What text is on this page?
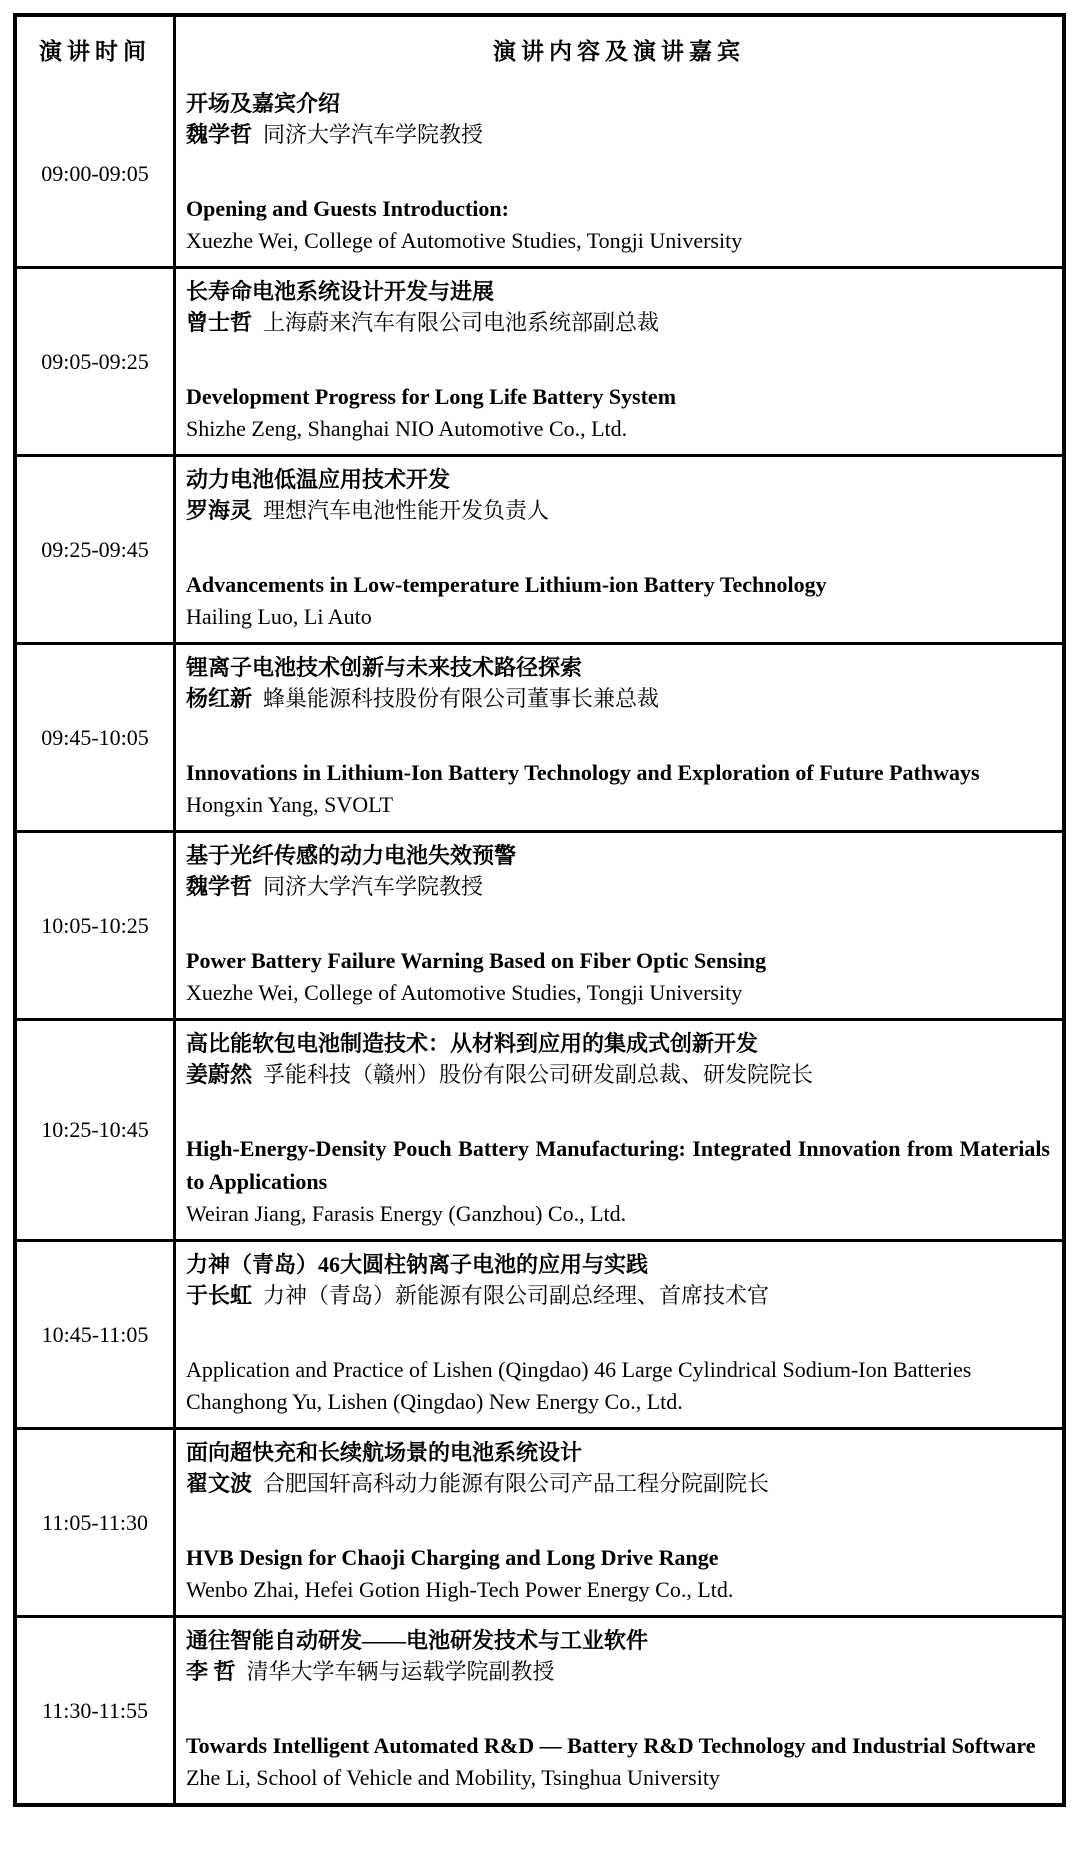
演讲时间	演讲内容及演讲嘉宾
09:00-09:05
开场及嘉宾介绍
魏学哲 同济大学汽车学院教授
Opening and Guests Introduction:
Xuezhe Wei, College of Automotive Studies, Tongji University
09:05-09:25
长寿命电池系统设计开发与进展
曾士哲 上海蔚来汽车有限公司电池系统部副总裁
Development Progress for Long Life Battery System
Shizhe Zeng, Shanghai NIO Automotive Co., Ltd.
09:25-09:45
动力电池低温应用技术开发
罗海灵 理想汽车电池性能开发负责人
Advancements in Low-temperature Lithium-ion Battery Technology
Hailing Luo, Li Auto
09:45-10:05
锂离子电池技术创新与未来技术路径探索
杨红新 蜂巢能源科技股份有限公司董事长兼总裁
Innovations in Lithium-Ion Battery Technology and Exploration of Future Pathways
Hongxin Yang, SVOLT
10:05-10:25
基于光纤传感的动力电池失效预警
魏学哲 同济大学汽车学院教授
Power Battery Failure Warning Based on Fiber Optic Sensing
Xuezhe Wei, College of Automotive Studies, Tongji University
10:25-10:45
高比能软包电池制造技术：从材料到应用的集成式创新开发
姜蔚然 孚能科技（赣州）股份有限公司研发副总裁、研发院院长
High-Energy-Density Pouch Battery Manufacturing: Integrated Innovation from Materials to Applications
Weiran Jiang, Farasis Energy (Ganzhou) Co., Ltd.
10:45-11:05
力神（青岛）46大圆柱钠离子电池的应用与实践
于长虹 力神（青岛）新能源有限公司副总经理、首席技术官
Application and Practice of Lishen (Qingdao) 46 Large Cylindrical Sodium-Ion Batteries
Changhong Yu, Lishen (Qingdao) New Energy Co., Ltd.
11:05-11:30
面向超快充和长续航场景的电池系统设计
翟文波 合肥国轩高科动力能源有限公司产品工程分院副院长
HVB Design for Chaoji Charging and Long Drive Range
Wenbo Zhai, Hefei Gotion High-Tech Power Energy Co., Ltd.
11:30-11:55
通往智能自动研发——电池研发技术与工业软件
李 哲 清华大学车辆与运载学院副教授
Towards Intelligent Automated R&D — Battery R&D Technology and Industrial Software
Zhe Li, School of Vehicle and Mobility, Tsinghua University
